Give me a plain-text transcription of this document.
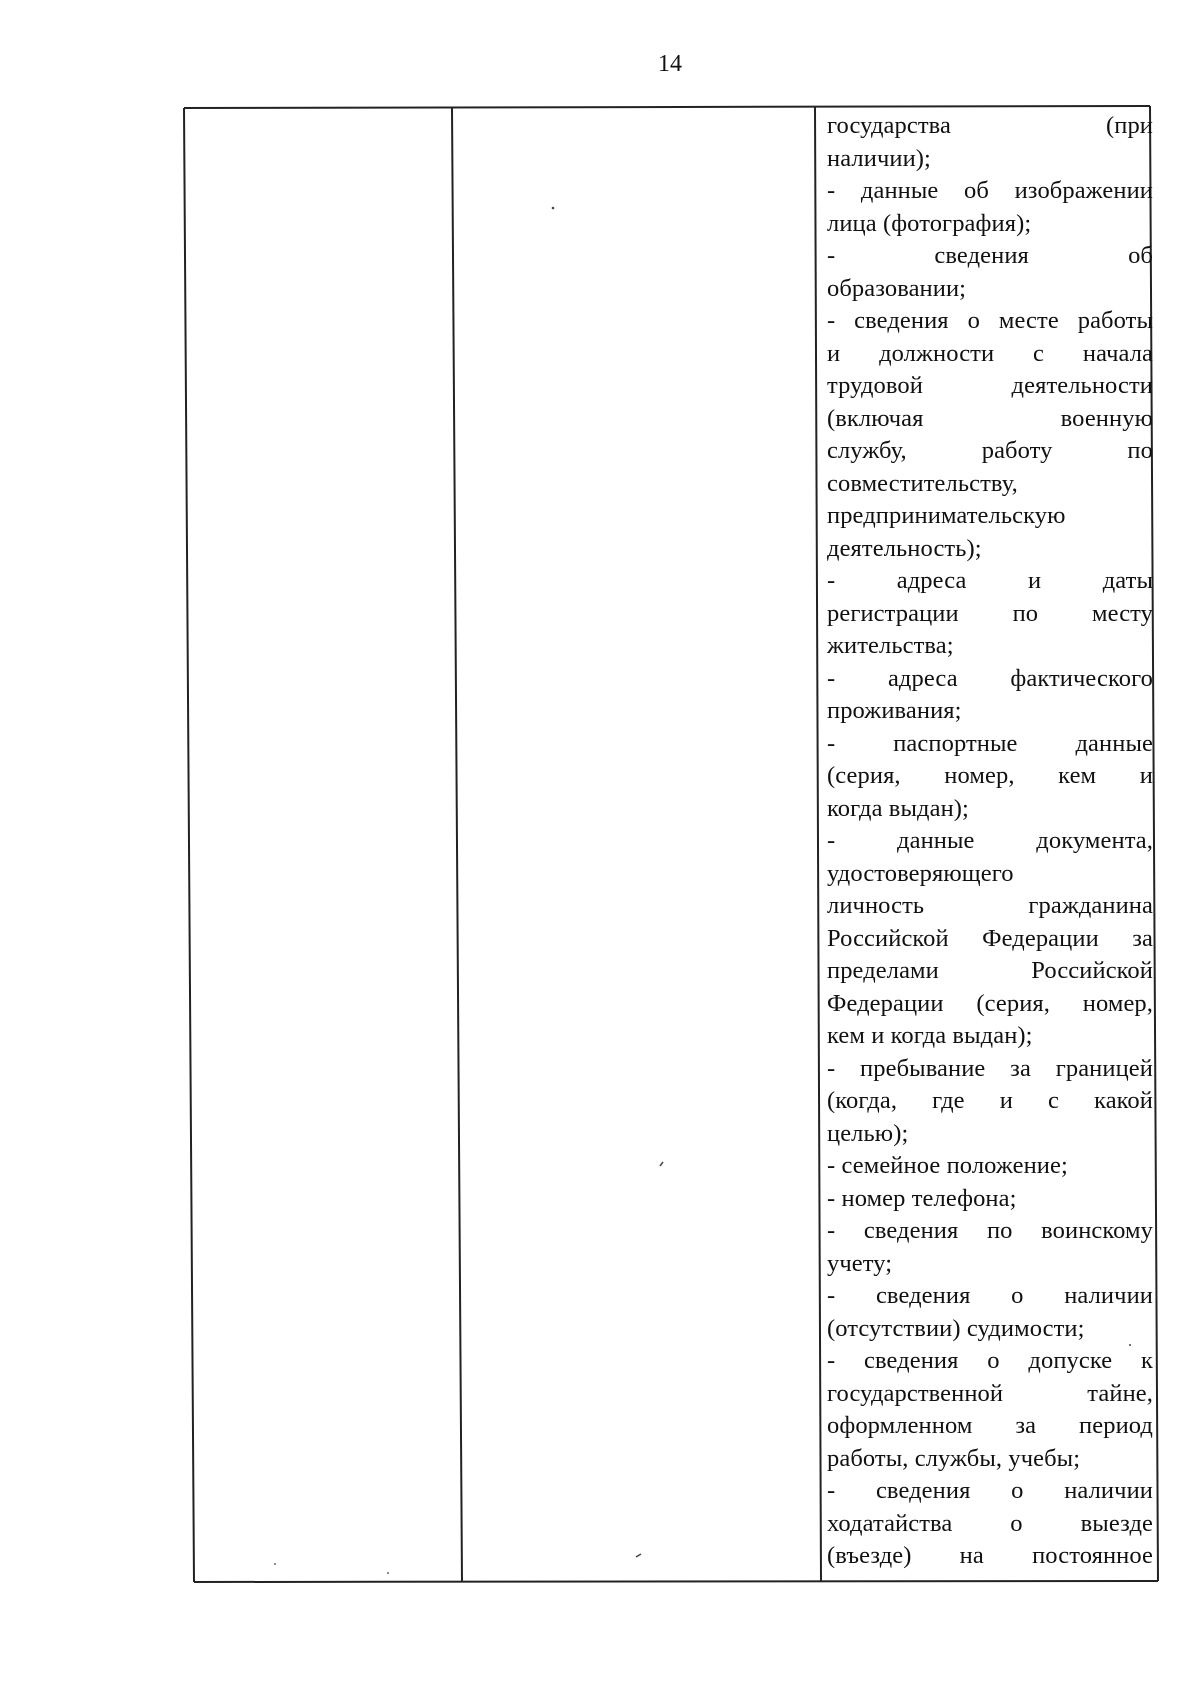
14
государства (при
наличии);
- данные об изображении
лица (фотография);
- сведения об
образовании;
- сведения о месте работы
и должности с начала
трудовой деятельности
(включая военную
службу, работу по
совместительству,
предпринимательскую
деятельность);
- адреса и даты
регистрации по месту
жительства;
- адреса фактического
проживания;
- паспортные данные
(серия, номер, кем и
когда выдан);
- данные документа,
удостоверяющего
личность гражданина
Российской Федерации за
пределами Российской
Федерации (серия, номер,
кем и когда выдан);
- пребывание за границей
(когда, где и с какой
целью);
- семейное положение;
- номер телефона;
- сведения по воинскому
учету;
- сведения о наличии
(отсутствии) судимости;
- сведения о допуске к
государственной тайне,
оформленном за период
работы, службы, учебы;
- сведения о наличии
ходатайства о выезде
(въезде) на постоянное
